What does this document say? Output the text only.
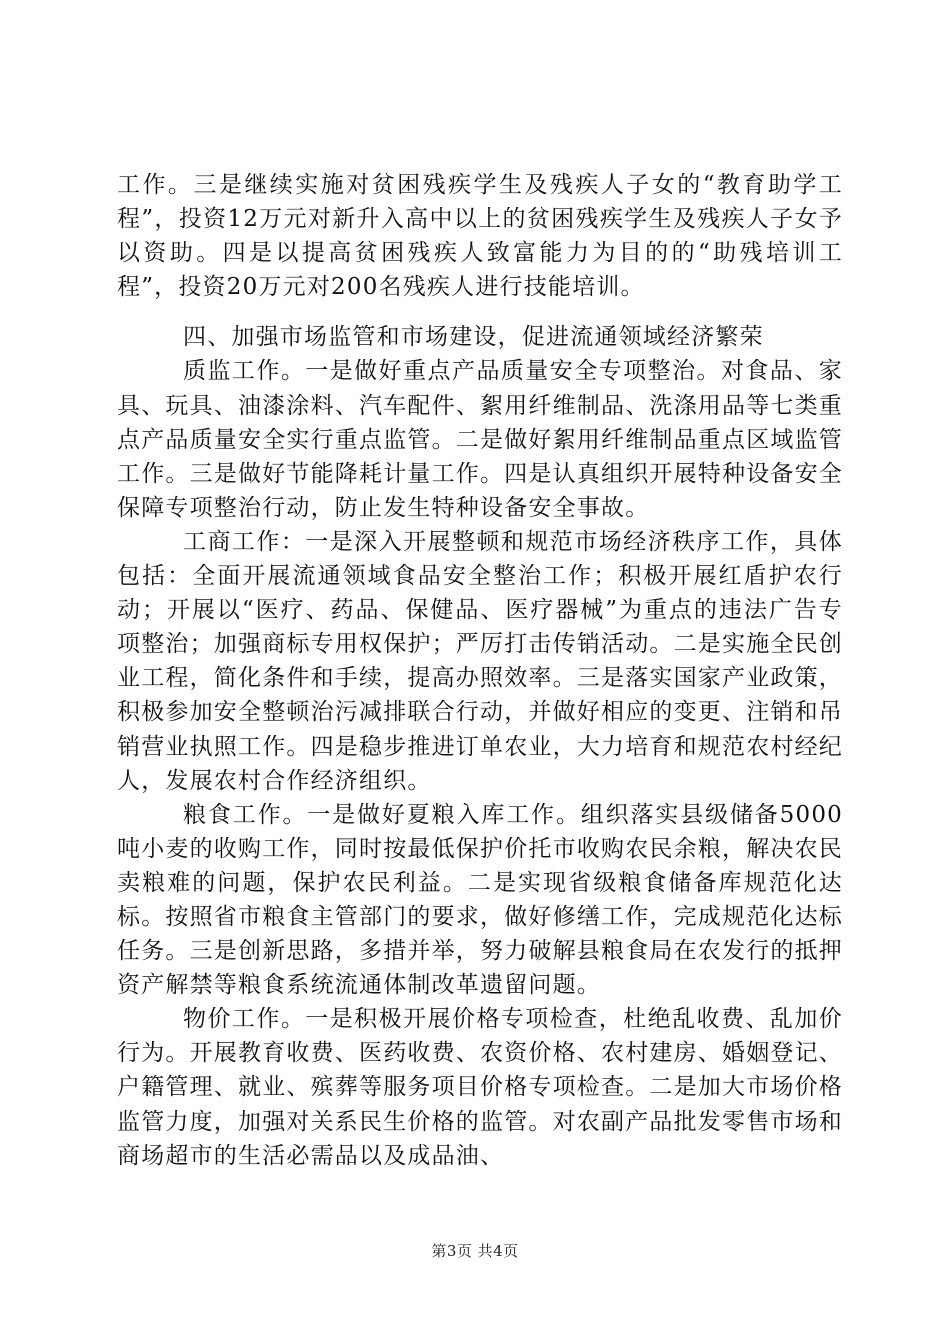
工作。三是继续实施对贫困残疾学生及残疾人子女的“教育助学工程”，投资12万元对新升入高中以上的贫困残疾学生及残疾人子女予以资助。四是以提高贫困残疾人致富能力为目的的“助残培训工程”，投资20万元对200名残疾人进行技能培训。

四、加强市场监管和市场建设，促进流通领域经济繁荣

质监工作。一是做好重点产品质量安全专项整治。对食品、家具、玩具、油漆涂料、汽车配件、絮用纤维制品、洗涤用品等七类重点产品质量安全实行重点监管。二是做好絮用纤维制品重点区域监管工作。三是做好节能降耗计量工作。四是认真组织开展特种设备安全保障专项整治行动，防止发生特种设备安全事故。

工商工作：一是深入开展整顿和规范市场经济秩序工作，具体包括：全面开展流通领域食品安全整治工作；积极开展红盾护农行动；开展以“医疗、药品、保健品、医疗器械”为重点的违法广告专项整治；加强商标专用权保护；严厉打击传销活动。二是实施全民创业工程，简化条件和手续，提高办照效率。三是落实国家产业政策，积极参加安全整顿治污减排联合行动，并做好相应的变更、注销和吊销营业执照工作。四是稳步推进订单农业，大力培育和规范农村经纪人，发展农村合作经济组织。

粮食工作。一是做好夏粮入库工作。组织落实县级储备5000吨小麦的收购工作，同时按最低保护价托市收购农民余粮，解决农民卖粮难的问题，保护农民利益。二是实现省级粮食储备库规范化达标。按照省市粮食主管部门的要求，做好修缮工作，完成规范化达标任务。三是创新思路，多措并举，努力破解县粮食局在农发行的抵押资产解禁等粮食系统流通体制改革遗留问题。

物价工作。一是积极开展价格专项检查，杜绝乱收费、乱加价行为。开展教育收费、医药收费、农资价格、农村建房、婚姻登记、户籍管理、就业、殡葬等服务项目价格专项检查。二是加大市场价格监管力度，加强对关系民生价格的监管。对农副产品批发零售市场和商场超市的生活必需品以及成品油、

第3页 共4页
